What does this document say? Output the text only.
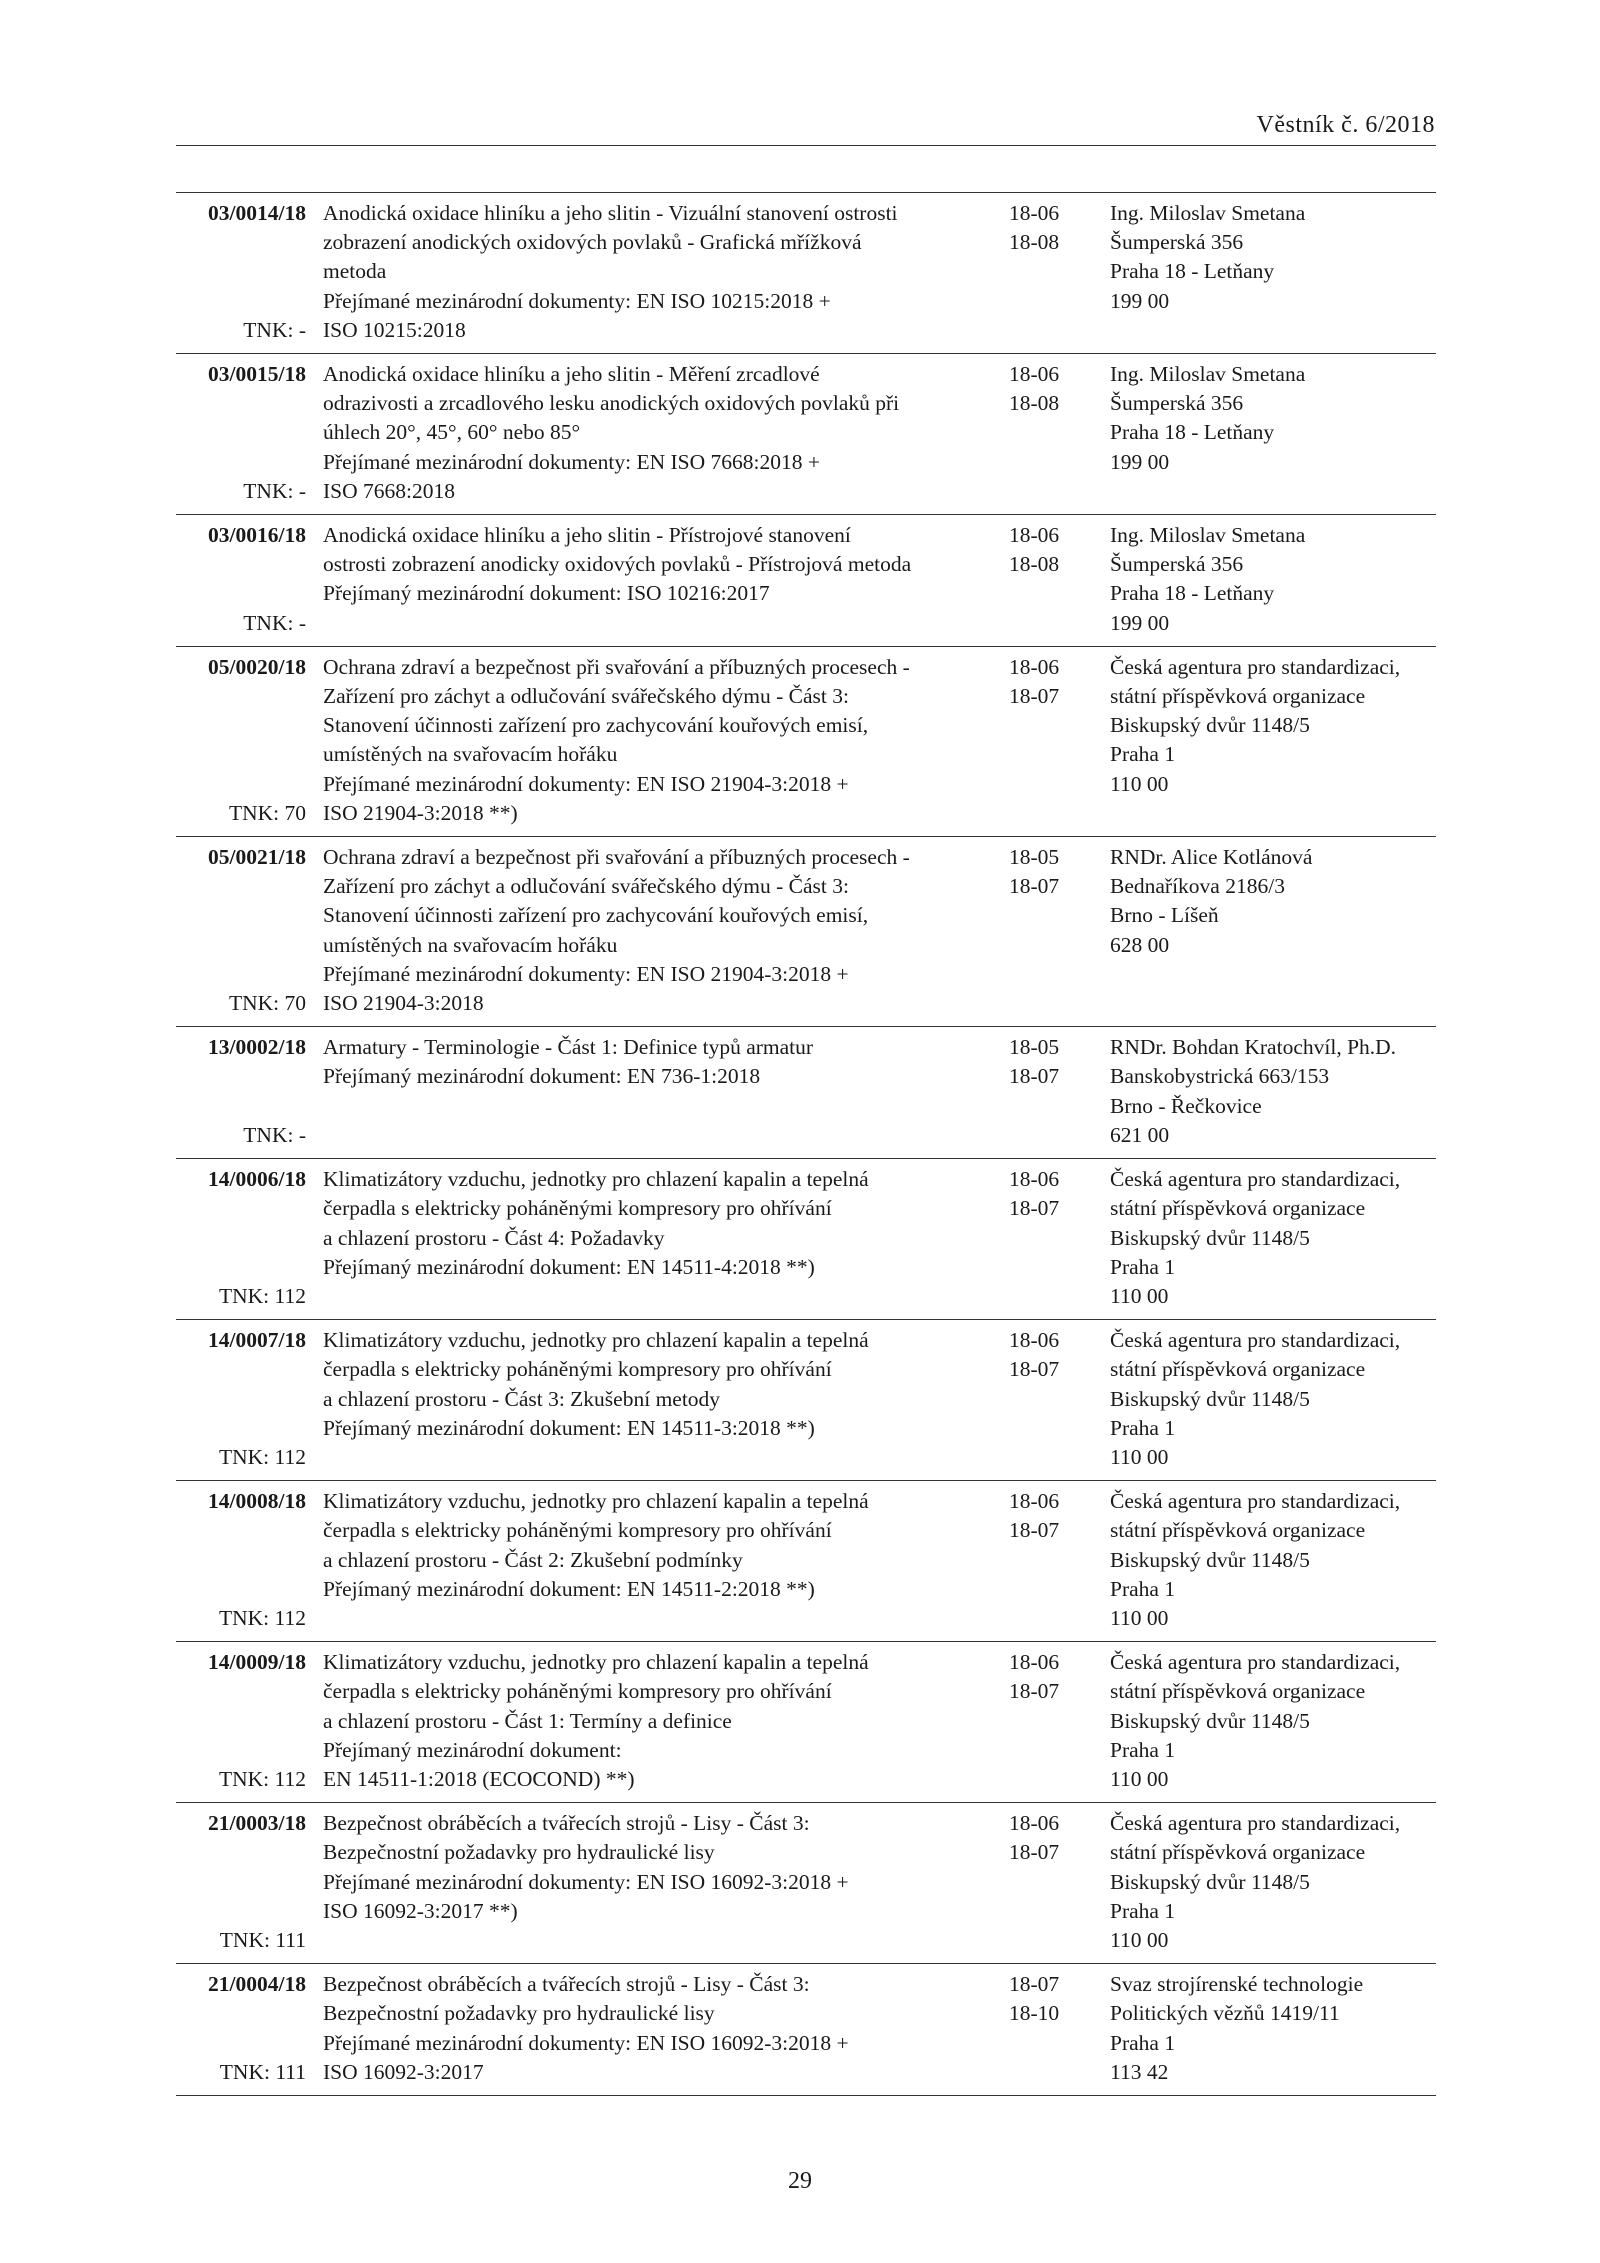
Věstník č. 6/2018
03/0014/18
TNK: -
Anodická oxidace hliníku a jeho slitin - Vizuální stanovení ostrosti
zobrazení anodických oxidových povlaků - Grafická mřížková
metoda
Přejímané mezinárodní dokumenty: EN ISO 10215:2018 +
ISO 10215:2018
18-06
18-08
Ing. Miloslav Smetana
Šumperská 356
Praha 18 - Letňany
199 00
03/0015/18
TNK: -
Anodická oxidace hliníku a jeho slitin - Měření zrcadlové
odrazivosti a zrcadlového lesku anodických oxidových povlaků při
úhlech 20°, 45°, 60° nebo 85°
Přejímané mezinárodní dokumenty: EN ISO 7668:2018 +
ISO 7668:2018
18-06
18-08
Ing. Miloslav Smetana
Šumperská 356
Praha 18 - Letňany
199 00
03/0016/18
TNK: -
Anodická oxidace hliníku a jeho slitin - Přístrojové stanovení
ostrosti zobrazení anodicky oxidových povlaků - Přístrojová metoda
Přejímaný mezinárodní dokument: ISO 10216:2017
18-06
18-08
Ing. Miloslav Smetana
Šumperská 356
Praha 18 - Letňany
199 00
05/0020/18
TNK: 70
Ochrana zdraví a bezpečnost při svařování a příbuzných procesech -
Zařízení pro záchyt a odlučování svářečského dýmu - Část 3:
Stanovení účinnosti zařízení pro zachycování kouřových emisí,
umístěných na svařovacím hořáku
Přejímané mezinárodní dokumenty: EN ISO 21904-3:2018 +
ISO 21904-3:2018 **)
18-06
18-07
Česká agentura pro standardizaci,
státní příspěvková organizace
Biskupský dvůr 1148/5
Praha 1
110 00
05/0021/18
TNK: 70
Ochrana zdraví a bezpečnost při svařování a příbuzných procesech -
Zařízení pro záchyt a odlučování svářečského dýmu - Část 3:
Stanovení účinnosti zařízení pro zachycování kouřových emisí,
umístěných na svařovacím hořáku
Přejímané mezinárodní dokumenty: EN ISO 21904-3:2018 +
ISO 21904-3:2018
18-05
18-07
RNDr. Alice Kotlánová
Bednaříkova 2186/3
Brno - Líšeň
628 00
13/0002/18
TNK: -
Armatury - Terminologie - Část 1: Definice typů armatur
Přejímaný mezinárodní dokument: EN 736-1:2018
18-05
18-07
RNDr. Bohdan Kratochvíl, Ph.D.
Banskobystrická 663/153
Brno - Řečkovice
621 00
14/0006/18
TNK: 112
Klimatizátory vzduchu, jednotky pro chlazení kapalin a tepelná
čerpadla s elektricky poháněnými kompresory pro ohřívání
a chlazení prostoru - Část 4: Požadavky
Přejímaný mezinárodní dokument: EN 14511-4:2018 **)
18-06
18-07
Česká agentura pro standardizaci,
státní příspěvková organizace
Biskupský dvůr 1148/5
Praha 1
110 00
14/0007/18
TNK: 112
Klimatizátory vzduchu, jednotky pro chlazení kapalin a tepelná
čerpadla s elektricky poháněnými kompresory pro ohřívání
a chlazení prostoru - Část 3: Zkušební metody
Přejímaný mezinárodní dokument: EN 14511-3:2018 **)
18-06
18-07
Česká agentura pro standardizaci,
státní příspěvková organizace
Biskupský dvůr 1148/5
Praha 1
110 00
14/0008/18
TNK: 112
Klimatizátory vzduchu, jednotky pro chlazení kapalin a tepelná
čerpadla s elektricky poháněnými kompresory pro ohřívání
a chlazení prostoru - Část 2: Zkušební podmínky
Přejímaný mezinárodní dokument: EN 14511-2:2018 **)
18-06
18-07
Česká agentura pro standardizaci,
státní příspěvková organizace
Biskupský dvůr 1148/5
Praha 1
110 00
14/0009/18
TNK: 112
Klimatizátory vzduchu, jednotky pro chlazení kapalin a tepelná
čerpadla s elektricky poháněnými kompresory pro ohřívání
a chlazení prostoru - Část 1: Termíny a definice
Přejímaný mezinárodní dokument:
EN 14511-1:2018 (ECOCOND) **)
18-06
18-07
Česká agentura pro standardizaci,
státní příspěvková organizace
Biskupský dvůr 1148/5
Praha 1
110 00
21/0003/18
TNK: 111
Bezpečnost obráběcích a tvářecích strojů - Lisy - Část 3:
Bezpečnostní požadavky pro hydraulické lisy
Přejímané mezinárodní dokumenty: EN ISO 16092-3:2018 +
ISO 16092-3:2017 **)
18-06
18-07
Česká agentura pro standardizaci,
státní příspěvková organizace
Biskupský dvůr 1148/5
Praha 1
110 00
21/0004/18
TNK: 111
Bezpečnost obráběcích a tvářecích strojů - Lisy - Část 3:
Bezpečnostní požadavky pro hydraulické lisy
Přejímané mezinárodní dokumenty: EN ISO 16092-3:2018 +
ISO 16092-3:2017
18-07
18-10
Svaz strojírenské technologie
Politických vězňů 1419/11
Praha 1
113 42
29
